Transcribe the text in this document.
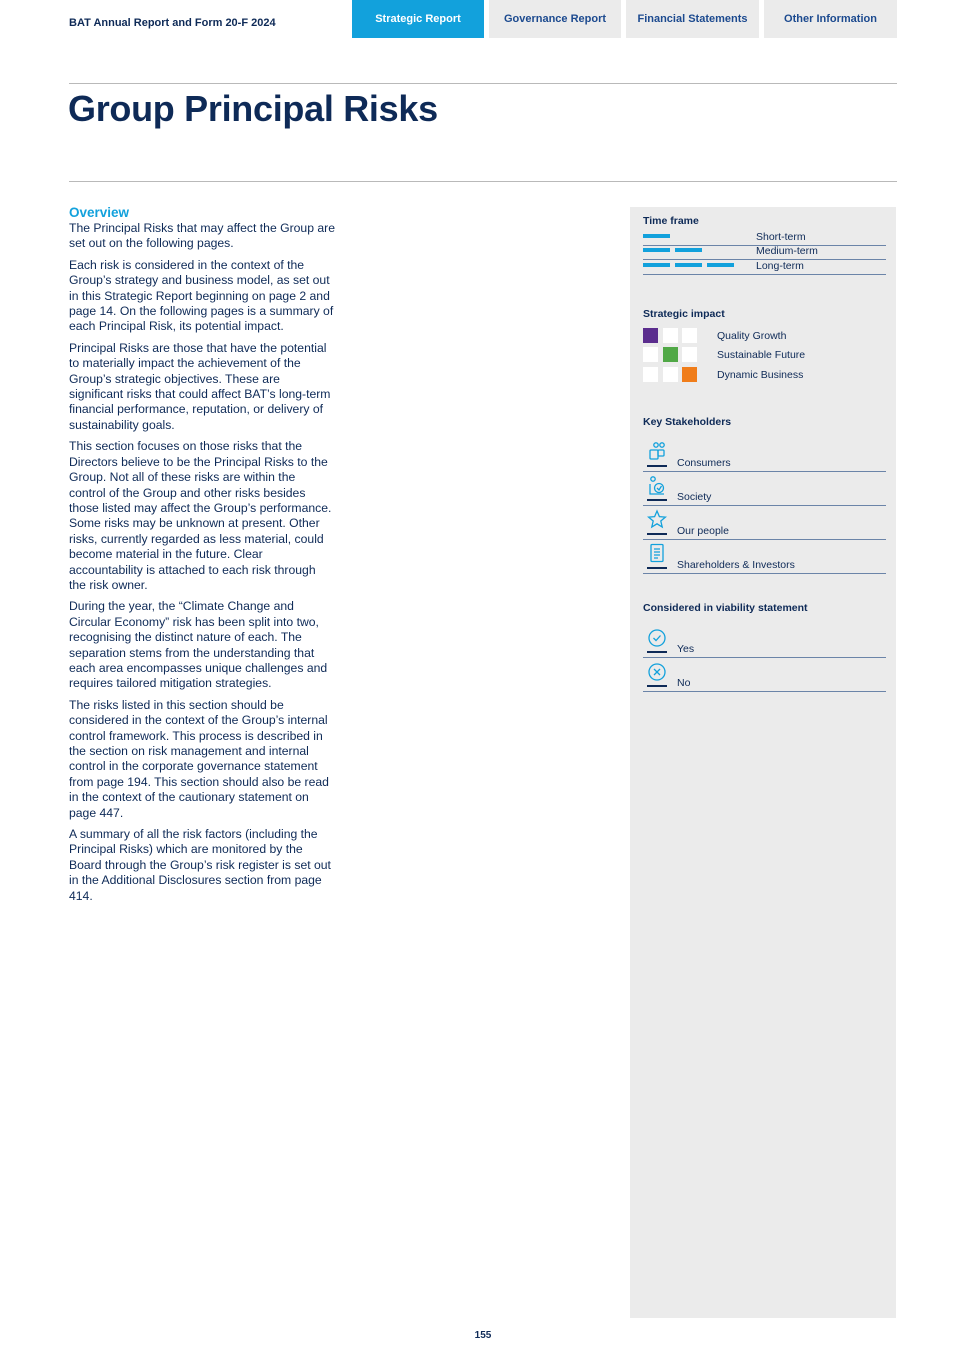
BAT Annual Report and Form 20-F 2024	Strategic Report	Governance Report	Financial Statements	Other Information
Group Principal Risks
Overview

The Principal Risks that may affect the Group are set out on the following pages.

Each risk is considered in the context of the Group’s strategy and business model, as set out in this Strategic Report beginning on page 2 and page 14. On the following pages is a summary of each Principal Risk, its potential impact.

Principal Risks are those that have the potential to materially impact the achievement of the Group’s strategic objectives. These are significant risks that could affect BAT’s long-term financial performance, reputation, or delivery of sustainability goals.

This section focuses on those risks that the Directors believe to be the Principal Risks to the Group. Not all of these risks are within the control of the Group and other risks besides those listed may affect the Group’s performance. Some risks may be unknown at present. Other risks, currently regarded as less material, could become material in the future. Clear accountability is attached to each risk through the risk owner.

During the year, the “Climate Change and Circular Economy” risk has been split into two, recognising the distinct nature of each. The separation stems from the understanding that each area encompasses unique challenges and requires tailored mitigation strategies.

The risks listed in this section should be considered in the context of the Group’s internal control framework. This process is described in the section on risk management and internal control in the corporate governance statement from page 194. This section should also be read in the context of the cautionary statement on page 447.

A summary of all the risk factors (including the Principal Risks) which are monitored by the Board through the Group’s risk register is set out in the Additional Disclosures section from page 414.

Time frame
Short-term
Medium-term
Long-term
Strategic impact
Quality Growth
Sustainable Future
Dynamic Business
Key Stakeholders
Consumers
Society
Our people
Shareholders & Investors
Considered in viability statement
Yes
No
155
